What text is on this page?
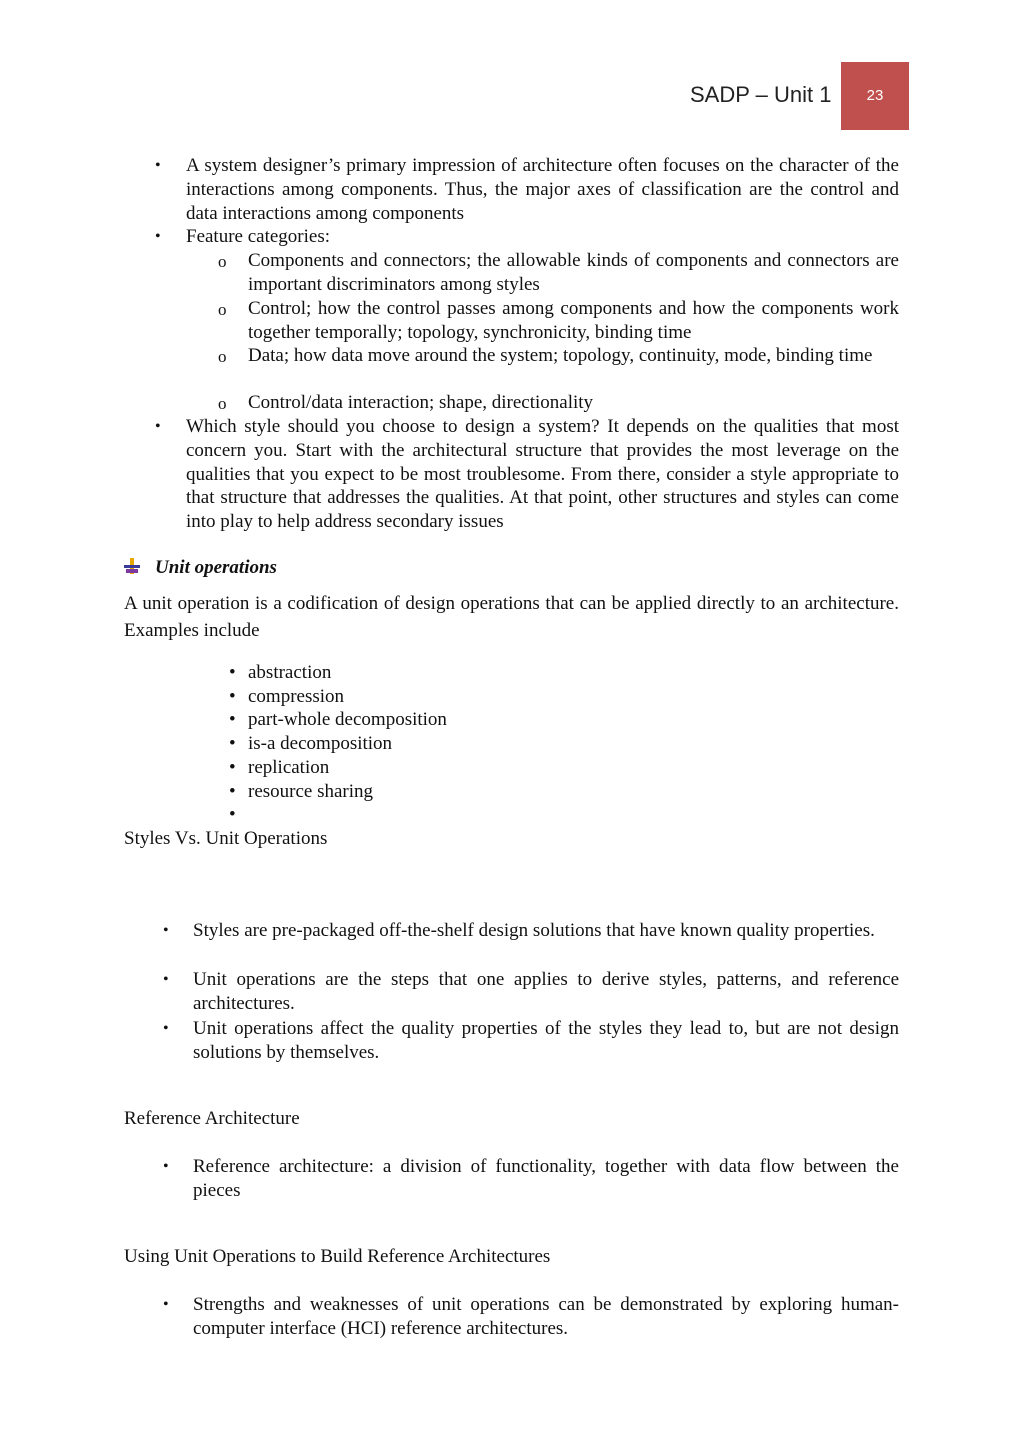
SADP – Unit 1	23
• A system designer’s primary impression of architecture often focuses on the character of the interactions among components. Thus, the major axes of classification are the control and data interactions among components
• Feature categories:
o Components and connectors; the allowable kinds of components and connectors are important discriminators among styles
o Control; how the control passes among components and how the components work together temporally; topology, synchronicity, binding time
o Data; how data move around the system; topology, continuity, mode, binding time
o Control/data interaction; shape, directionality
• Which style should you choose to design a system? It depends on the qualities that most concern you. Start with the architectural structure that provides the most leverage on the qualities that you expect to be most troublesome. From there, consider a style appropriate to that structure that addresses the qualities. At that point, other structures and styles can come into play to help address secondary issues
Unit operations
A unit operation is a codification of design operations that can be applied directly to an architecture. Examples include
• abstraction
• compression
• part-whole decomposition
• is-a decomposition
• replication
• resource sharing
•
Styles Vs. Unit Operations
• Styles are pre-packaged off-the-shelf design solutions that have known quality properties.
• Unit operations are the steps that one applies to derive styles, patterns, and reference architectures.
• Unit operations affect the quality properties of the styles they lead to, but are not design solutions by themselves.
Reference Architecture
• Reference architecture: a division of functionality, together with data flow between the pieces
Using Unit Operations to Build Reference Architectures
• Strengths and weaknesses of unit operations can be demonstrated by exploring human-computer interface (HCI) reference architectures.
